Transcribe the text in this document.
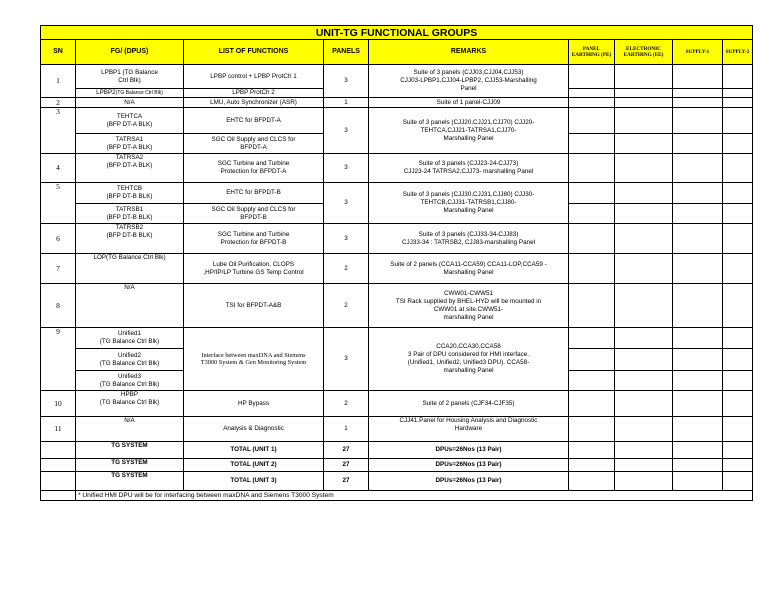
UNIT-TG FUNCTIONAL GROUPS								
SN	FG/ (DPUS)	LIST OF FUNCTIONS	PANELS	REMARKS	PANEL EARTHING (PE)	ELECTRONIC EARTHING (EE)	SUPPLY-1	SUPPLY-2
1	LPBP1 (TG Balance
Ctrl Blk)	LPBP control + LPBP ProtCh 1	3	Suite of 3 panels (CJJ03,CJJ04,CJJ53)
CJJ03-LPBP1,CJJ04-LPBP2, CJJ53-Marshalling
Panel				
	LPBP2(TG Balance Ctrl Blk)	LPBP ProtCh 2						
2	N/A	LMU, Auto Synchronizer (ASR)	1	Suite of 1 panel-CJJ09				
3	TEHTCA
(BFP DT-A BLK)	EHTC for BFPDT-A	3	Suite of 3 panels (CJJ20,CJJ21,CJJ70) CJJ20-
TEHTCA,CJJ21-TATRSA1,CJJ70-
Marshalling Panel				
	TATRSA1
(BFP DT-A BLK)	SGC Oil Supply and CLCS for
BFPDT-A						
4	TATRSA2
(BFP DT-A BLK)	SGC Turbine and Turbine
Protection for BFPDT-A	3	Suite of 3 panels (CJJ23-24-CJJ73)
CJJ23-24 TATRSA2,CJJ73- marshalling Panel				
5	TEHTCB
(BFP DT-B BLK)	EHTC for BFPDT-B	3	Suite of 3 panels (CJJ30,CJJ31,CJJ80) CJJ30-
TEHTCB,CJJ31-TATRSB1,CJJ80-
Marshalling Panel				
	TATRSB1
(BFP DT-B BLK)	SGC Oil Supply and CLCS for
BFPDT-B						
6	TATRSB2
(BFP DT-B BLK)	SGC Turbine and Turbine
Protection for BFPDT-B	3	Suite of 3 panels (CJJ33-34-CJJ83)
CJJ33-34 : TATRSB2, CJJ83-marshalling Panel				
7	LOP(TG Balance Ctrl Blk)	Lube Oil Purification, CLOPS
,HP/IP/LP Turbine GS Temp Control	2	Suite of 2 panels (CCA11-CCA59) CCA11-LOP,CCA59 -
Marshalling Panel				
8	N/A	TSI for BFPDT-A&B	2	CWW01-CWW51
TSI Rack supplied by BHEL-HYD will be mounted in
CWW01 at site.CWW51-
marshalling Panel				
9	Unified1
(TG Balance Ctrl Blk)	Interface between maxDNA and Siemens
T3000 System & Gen Monitoring System	3	CCA20,CCA30,CCA58
3 Pair of DPU considered for HMI interface.
(Unified1, Unified2, Unified3 DPU). CCA58-
marshalling Panel				
	Unified2
(TG Balance Ctrl Blk)							
	Unified3
(TG Balance Ctrl Blk)							
10	HPBP
(TG Balance Ctrl Blk)	HP Bypass	2	Suite of 2 panels (CJF34-CJF35)				
11	N/A	Analysis & Diagnostic	1	CJJ41.Panel for Housing Analysis and Diagnostic
Hardware				
	TG SYSTEM	TOTAL (UNIT 1)	27	DPUs=26Nos (13 Pair)				
	TG SYSTEM	TOTAL (UNIT 2)	27	DPUs=26Nos (13 Pair)				
	TG SYSTEM	TOTAL (UNIT 3)	27	DPUs=26Nos (13 Pair)				
	* Unified HMI DPU will be for interfacing between maxDNA and Siemens T3000 System							
